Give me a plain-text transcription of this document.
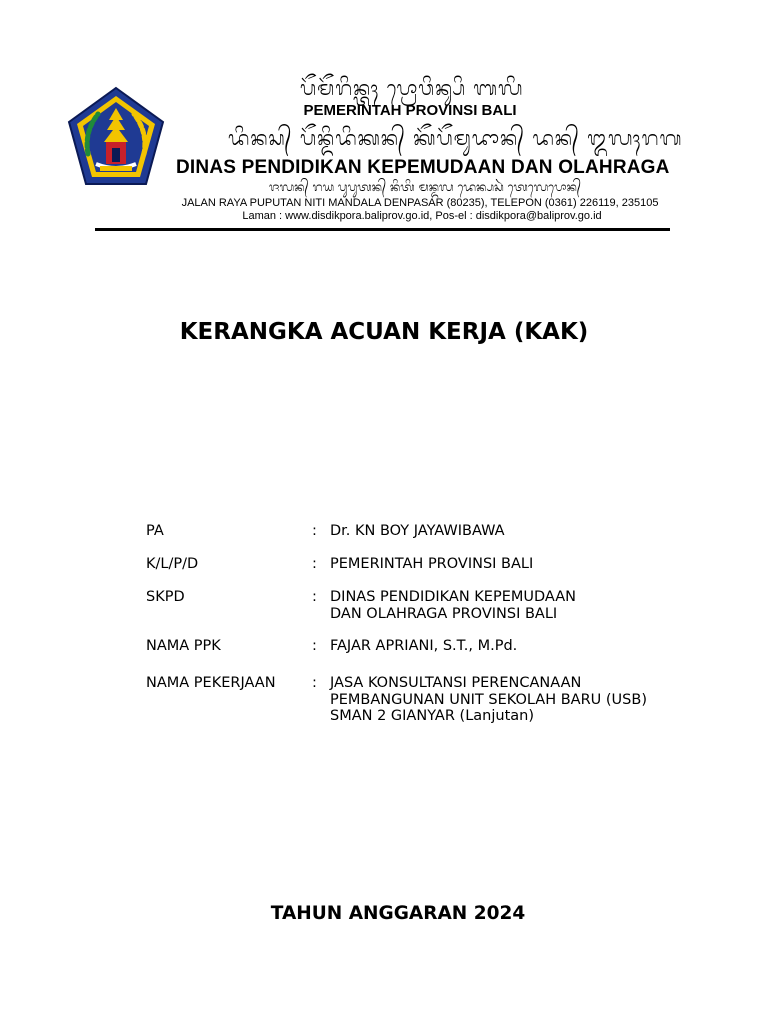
ᬧᭂᬫᭂᬭᬶᬦ᭄ᬢᬄ ᬧ᭄ᬭᭀᬯᬶᬦ᭄ᬲᬶ ᬩᬮᬶ
PEMERINTAH PROVINSI BALI
ᬤᬶᬦᬲ᭄ ᬧᭂᬦ᭄ᬤᬶᬤᬶᬓᬦ᭄ ᬓᭂᬧᭂᬫᬸᬤᬵᬦ᭄ ᬤᬦ᭄ ᬑᬮᬄᬭᬕ
DINAS PENDIDIKAN KEPEMUDAAN DAN OLAHRAGA
ᬚᬮᬦ᭄ ᬭᬬ ᬧᬸᬧᬸᬢᬦ᭄ ᬦᬶᬢᬶ ᬫᬦ᭄ᬤᬮ ᬤᬾᬦ᭄ᬧᬲᬃ ᬢᬾᬮᬾᬧᭀᬦ᭄
JALAN RAYA PUPUTAN NITI MANDALA DENPASAR (80235), TELEPON (0361) 226119, 235105
Laman : www.disdikpora.baliprov.go.id, Pos-el : disdikpora@baliprov.go.id
KERANGKA ACUAN KERJA (KAK)
PA	: Dr. KN BOY JAYAWIBAWA
K/L/P/D	: PEMERINTAH PROVINSI BALI
SKPD	: DINAS PENDIDIKAN KEPEMUDAAN
DAN OLAHRAGA PROVINSI BALI
NAMA PPK	: FAJAR APRIANI, S.T., M.Pd.
NAMA PEKERJAAN	: JASA KONSULTANSI PERENCANAAN
PEMBANGUNAN UNIT SEKOLAH BARU (USB)
SMAN 2 GIANYAR (Lanjutan)
TAHUN ANGGARAN 2024
